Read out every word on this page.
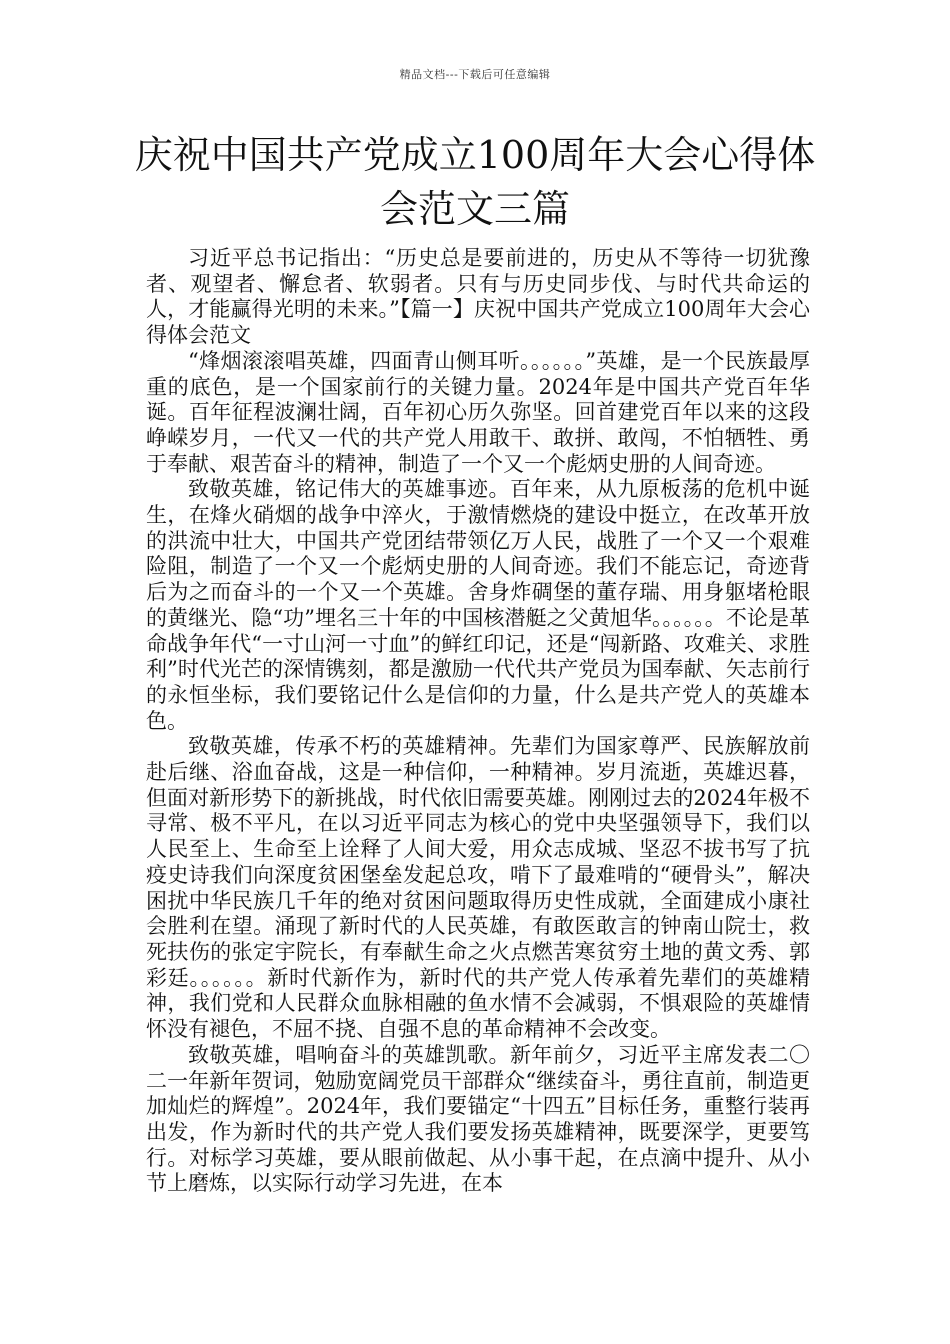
精品文档---下载后可任意编辑
庆祝中国共产党成立100周年大会心得体会范文三篇

习近平总书记指出：“历史总是要前进的，历史从不等待一切犹豫者、观望者、懈怠者、软弱者。只有与历史同步伐、与时代共命运的人，才能赢得光明的未来。”【篇一】庆祝中国共产党成立100周年大会心得体会范文

“烽烟滚滚唱英雄，四面青山侧耳听。。。。。。”英雄，是一个民族最厚重的底色，是一个国家前行的关键力量。2024年是中国共产党百年华诞。百年征程波澜壮阔，百年初心历久弥坚。回首建党百年以来的这段峥嵘岁月，一代又一代的共产党人用敢干、敢拼、敢闯，不怕牺牲、勇于奉献、艰苦奋斗的精神，制造了一个又一个彪炳史册的人间奇迹。

致敬英雄，铭记伟大的英雄事迹。百年来，从九原板荡的危机中诞生，在烽火硝烟的战争中淬火，于激情燃烧的建设中挺立，在改革开放的洪流中壮大，中国共产党团结带领亿万人民，战胜了一个又一个艰难险阻，制造了一个又一个彪炳史册的人间奇迹。我们不能忘记，奇迹背后为之而奋斗的一个又一个英雄。舍身炸碉堡的董存瑞、用身躯堵枪眼的黄继光、隐“功”埋名三十年的中国核潜艇之父黄旭华。。。。。。不论是革命战争年代“一寸山河一寸血”的鲜红印记，还是“闯新路、攻难关、求胜利”时代光芒的深情镌刻，都是激励一代代共产党员为国奉献、矢志前行的永恒坐标，我们要铭记什么是信仰的力量，什么是共产党人的英雄本色。

致敬英雄，传承不朽的英雄精神。先辈们为国家尊严、民族解放前赴后继、浴血奋战，这是一种信仰，一种精神。岁月流逝，英雄迟暮，但面对新形势下的新挑战，时代依旧需要英雄。刚刚过去的2024年极不寻常、极不平凡，在以习近平同志为核心的党中央坚强领导下，我们以人民至上、生命至上诠释了人间大爱，用众志成城、坚忍不拔书写了抗疫史诗我们向深度贫困堡垒发起总攻，啃下了最难啃的“硬骨头”，解决困扰中华民族几千年的绝对贫困问题取得历史性成就，全面建成小康社会胜利在望。涌现了新时代的人民英雄，有敢医敢言的钟南山院士，救死扶伤的张定宇院长，有奉献生命之火点燃苦寒贫穷土地的黄文秀、郭彩廷。。。。。。新时代新作为，新时代的共产党人传承着先辈们的英雄精神，我们党和人民群众血脉相融的鱼水情不会减弱，不惧艰险的英雄情怀没有褪色，不屈不挠、自强不息的革命精神不会改变。

致敬英雄，唱响奋斗的英雄凯歌。新年前夕，习近平主席发表二〇二一年新年贺词，勉励宽阔党员干部群众“继续奋斗，勇往直前，制造更加灿烂的辉煌”。2024年，我们要锚定“十四五”目标任务，重整行装再出发，作为新时代的共产党人我们要发扬英雄精神，既要深学，更要笃行。对标学习英雄，要从眼前做起、从小事干起，在点滴中提升、从小节上磨炼，以实际行动学习先进，在本
